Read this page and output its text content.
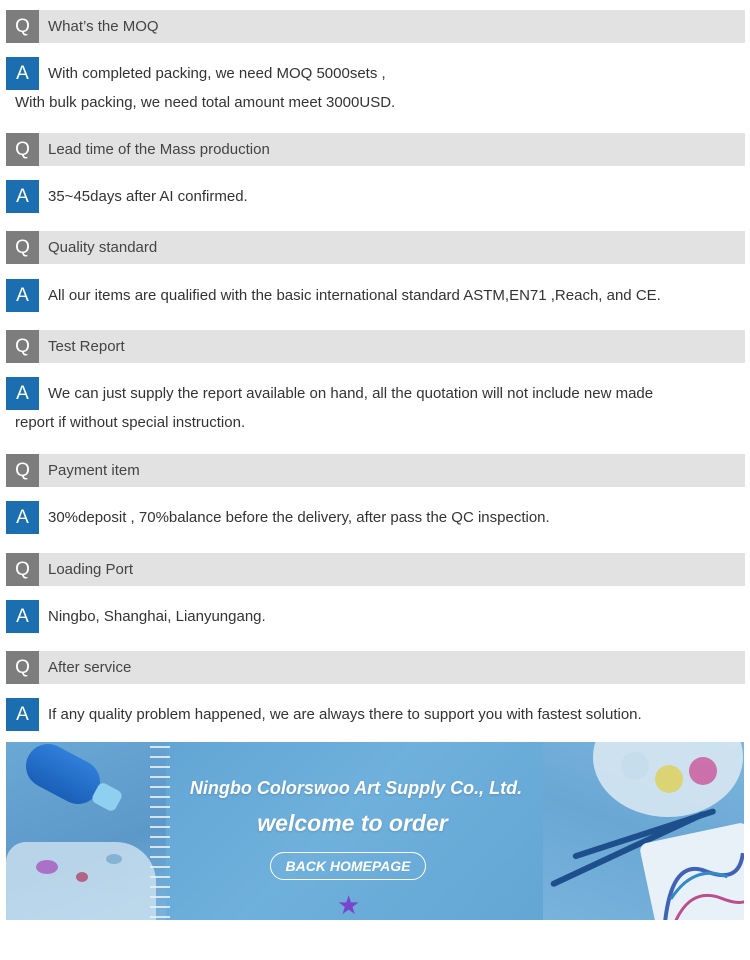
Q	What’s the MOQ
A	With completed packing, we need MOQ 5000sets ,
With bulk packing, we need total amount meet 3000USD.
Q	Lead time of the Mass production
A	35~45days after AI confirmed.
Q	Quality standard
A	All our items are qualified with the basic international standard ASTM,EN71 ,Reach, and CE.
Q	Test Report
A	We can just supply the report available on hand, all the quotation will not include new made
report if without special instruction.
Q	Payment item
A	30%deposit , 70%balance before the delivery, after pass the QC inspection.
Q	Loading Port
A	Ningbo, Shanghai, Lianyungang.
Q	After service
A	If any quality problem happened, we are always there to support you with fastest solution.
Ningbo Colorswoo Art Supply Co., Ltd.
welcome to order
BACK HOMEPAGE
★
